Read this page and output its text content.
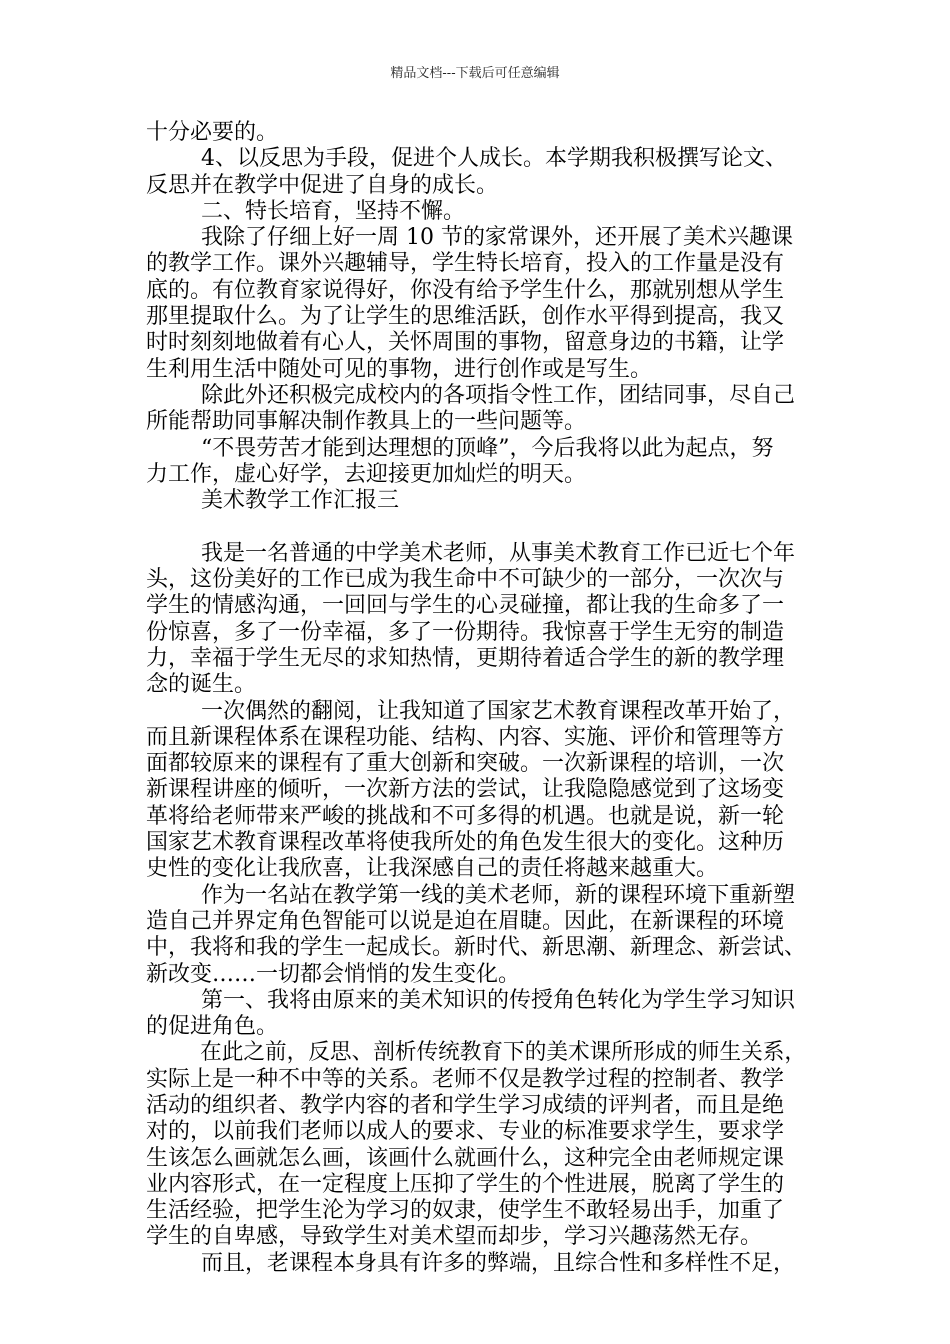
精品文档---下载后可任意编辑
十分必要的。
4、以反思为手段，促进个人成长。本学期我积极撰写论文、
反思并在教学中促进了自身的成长。
二、特长培育，坚持不懈。
我除了仔细上好一周 10 节的家常课外，还开展了美术兴趣课
的教学工作。课外兴趣辅导，学生特长培育，投入的工作量是没有
底的。有位教育家说得好，你没有给予学生什么，那就别想从学生
那里提取什么。为了让学生的思维活跃，创作水平得到提高，我又
时时刻刻地做着有心人，关怀周围的事物，留意身边的书籍，让学
生利用生活中随处可见的事物，进行创作或是写生。
除此外还积极完成校内的各项指令性工作，团结同事，尽自己
所能帮助同事解决制作教具上的一些问题等。
“不畏劳苦才能到达理想的顶峰”，今后我将以此为起点，努
力工作，虚心好学，去迎接更加灿烂的明天。
美术教学工作汇报三
我是一名普通的中学美术老师，从事美术教育工作已近七个年
头，这份美好的工作已成为我生命中不可缺少的一部分，一次次与
学生的情感沟通，一回回与学生的心灵碰撞，都让我的生命多了一
份惊喜，多了一份幸福，多了一份期待。我惊喜于学生无穷的制造
力，幸福于学生无尽的求知热情，更期待着适合学生的新的教学理
念的诞生。
一次偶然的翻阅，让我知道了国家艺术教育课程改革开始了，
而且新课程体系在课程功能、结构、内容、实施、评价和管理等方
面都较原来的课程有了重大创新和突破。一次新课程的培训，一次
新课程讲座的倾听，一次新方法的尝试，让我隐隐感觉到了这场变
革将给老师带来严峻的挑战和不可多得的机遇。也就是说，新一轮
国家艺术教育课程改革将使我所处的角色发生很大的变化。这种历
史性的变化让我欣喜，让我深感自己的责任将越来越重大。
作为一名站在教学第一线的美术老师，新的课程环境下重新塑
造自己并界定角色智能可以说是迫在眉睫。因此，在新课程的环境
中，我将和我的学生一起成长。新时代、新思潮、新理念、新尝试、
新改变……一切都会悄悄的发生变化。
第一、我将由原来的美术知识的传授角色转化为学生学习知识
的促进角色。
在此之前，反思、剖析传统教育下的美术课所形成的师生关系，
实际上是一种不中等的关系。老师不仅是教学过程的控制者、教学
活动的组织者、教学内容的者和学生学习成绩的评判者，而且是绝
对的，以前我们老师以成人的要求、专业的标准要求学生，要求学
生该怎么画就怎么画，该画什么就画什么，这种完全由老师规定课
业内容形式，在一定程度上压抑了学生的个性进展，脱离了学生的
生活经验，把学生沦为学习的奴隶，使学生不敢轻易出手，加重了
学生的自卑感，导致学生对美术望而却步，学习兴趣荡然无存。
而且，老课程本身具有许多的弊端，且综合性和多样性不足，
